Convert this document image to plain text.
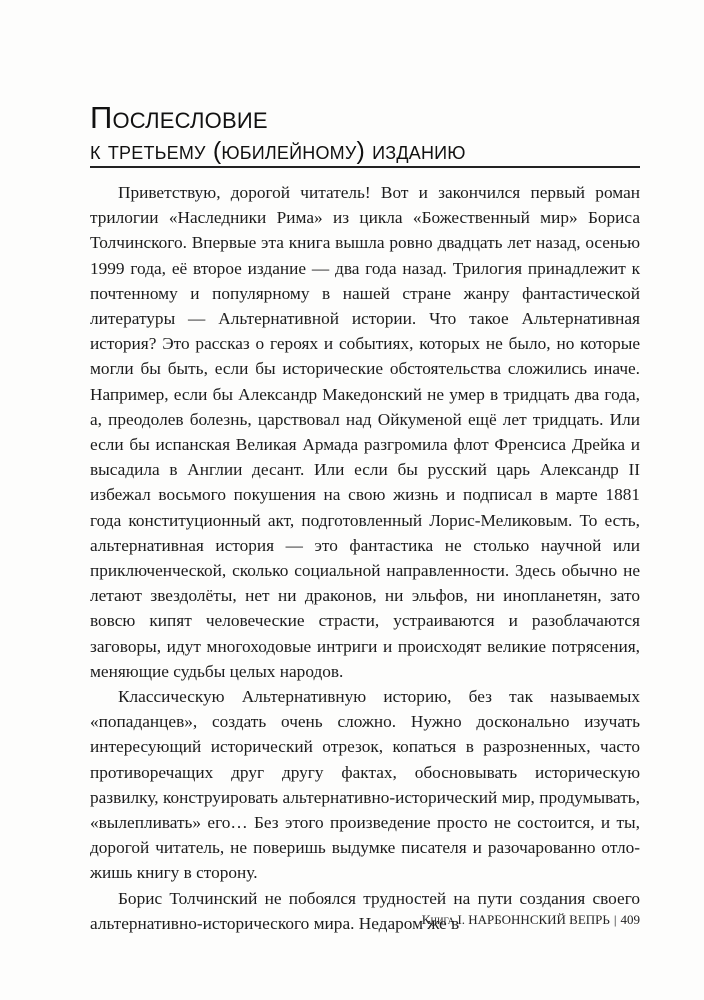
Послесловие
к третьему (юбилейному) изданию

Приветствую, дорогой читатель! Вот и закончился первый роман трилогии «Наследники Рима» из цикла «Божественный мир» Бориса Толчинского. Впервые эта книга вышла ровно двадцать лет назад, осенью 1999 года, её второе издание — два года назад. Трилогия принадлежит к почтенному и популярному в нашей стране жанру фантастической литературы — Альтернативной истории. Что такое Альтернативная история? Это рассказ о героях и событиях, которых не было, но которые могли бы быть, если бы исторические обстоятельства сложились иначе. Например, если бы Александр Македонский не умер в тридцать два года, а, преодолев болезнь, царствовал над Ойкуменой ещё лет тридцать. Или если бы испанская Великая Армада разгромила флот Френсиса Дрейка и высадила в Англии десант. Или если бы русский царь Александр II избежал восьмого покушения на свою жизнь и подписал в марте 1881 года конституционный акт, подготовленный Лорис-Меликовым. То есть, альтернативная история — это фантастика не столько научной или приключенческой, сколько социальной направленности. Здесь обычно не летают звездолёты, нет ни драконов, ни эльфов, ни инопланетян, зато вовсю кипят человеческие страсти, устраиваются и разоблачаются заговоры, идут многоходовые интриги и происходят великие потрясения, меняющие судьбы целых народов.

Классическую Альтернативную историю, без так называемых «попаданцев», создать очень сложно. Нужно досконально изучать интересующий исторический отрезок, копаться в разрозненных, часто противоречащих друг другу фактах, обосновывать историческую развилку, конструировать альтернативно-исторический мир, продумывать, «вылепливать» его… Без этого произведение просто не состоится, и ты, дорогой читатель, не поверишь выдумке писателя и разочарованно отложишь книгу в сторону.

Борис Толчинский не побоялся трудностей на пути создания своего альтернативно-исторического мира. Недаром же в

Книга I. НАРБОННСКИЙ ВЕПРЬ | 409
